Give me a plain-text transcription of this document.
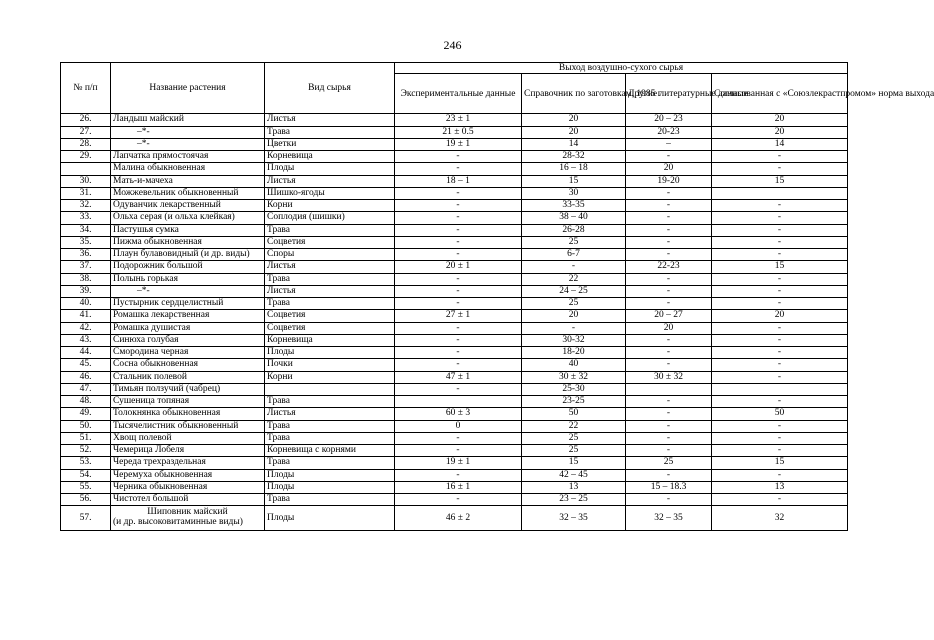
246
№ п/п	Название растения	Вид сырья	Выход воздушно-сухого сырья			
			Экспериментальные данные	Справочник по заготовкам, 1985 г	Другие литературные данные	Согласованная с «Союзлекрастпромом» норма выхода
26.	Ландыш майский	Листья	23 ± 1	20	20 – 23	20
27.	–*-	Трава	21 ± 0.5	20	20-23	20
28.	–*-	Цветки	19 ± 1	14	–	14
29.	Лапчатка прямостоячая	Корневища	-	28-32	-	-
	Малина обыкновенная	Плоды	-	16 – 18	20	-
30.	Мать-и-мачеха	Листья	18 – 1	15	19-20	15
31.	Можжевельник обыкновенный	Шишко-ягоды	-	30	-	
32.	Одуванчик лекарственный	Корни	-	33-35	-	-
33.	Ольха серая (и ольха клейкая)	Соплодия (шишки)	-	38 – 40	-	-
34.	Пастушья сумка	Трава	-	26-28	-	-
35.	Пижма обыкновенная	Соцветия	-	25	-	-
36.	Плаун булавовидный (и др. виды)	Споры	-	6-7	-	-
37.	Подорожник большой	Листья	20 ± 1	-	22-23	15
38.	Полынь горькая	Трава	-	22	-	-
39.	–*-	Листья	-	24 – 25	-	-
40.	Пустырник сердцелистный	Трава	-	25	-	-
41.	Ромашка лекарственная	Соцветия	27 ± 1	20	20 – 27	20
42.	Ромашка душистая	Соцветия	-	-	20	-
43.	Синюха голубая	Корневища	-	30-32	-	-
44.	Смородина черная	Плоды	-	18-20	-	-
45.	Сосна обыкновенная	Почки	-	40	-	-
46.	Стальник полевой	Корни	47 ± 1	30 ± 32	30 ± 32	-
47.	Тимьян ползучий (чабрец)		-	25-30		
48.	Сушеница топяная	Трава		23-25	-	-
49.	Толокнянка обыкновенная	Листья	60 ± 3	50	-	50
50.	Тысячелистник обыкновенный	Трава	0	22	-	-
51.	Хвощ полевой	Трава	-	25	-	-
52.	Чемерица Лобеля	Корневища с корнями	-	25	-	-
53.	Череда трехраздельная	Трава	19 ± 1	15	25	15
54.	Черемуха обыкновенная	Плоды	-	42 – 45	-	-
55.	Черника обыкновенная	Плоды	16 ± 1	13	15 – 18.3	13
56.	Чистотел большой	Трава	-	23 – 25	-	-
57.	Шиповник майский
(и др. высоковитаминные виды)	Плоды	46 ± 2	32 – 35	32 – 35	32
